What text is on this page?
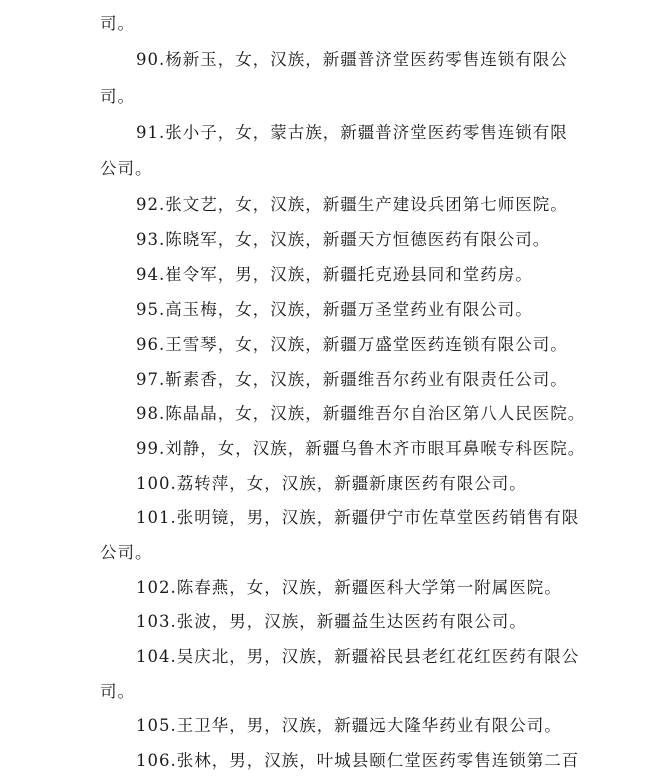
司。
90.杨新玉，女，汉族，新疆普济堂医药零售连锁有限公
司。
91.张小子，女，蒙古族，新疆普济堂医药零售连锁有限
公司。
92.张文艺，女，汉族，新疆生产建设兵团第七师医院。
93.陈晓军，女，汉族，新疆天方恒德医药有限公司。
94.崔令军，男，汉族，新疆托克逊县同和堂药房。
95.高玉梅，女，汉族，新疆万圣堂药业有限公司。
96.王雪琴，女，汉族，新疆万盛堂医药连锁有限公司。
97.靳素香，女，汉族，新疆维吾尔药业有限责任公司。
98.陈晶晶，女，汉族，新疆维吾尔自治区第八人民医院。
99.刘静，女，汉族，新疆乌鲁木齐市眼耳鼻喉专科医院。
100.荔转萍，女，汉族，新疆新康医药有限公司。
101.张明镜，男，汉族，新疆伊宁市佐草堂医药销售有限
公司。
102.陈春燕，女，汉族，新疆医科大学第一附属医院。
103.张波，男，汉族，新疆益生达医药有限公司。
104.吴庆北，男，汉族，新疆裕民县老红花红医药有限公
司。
105.王卫华，男，汉族，新疆远大隆华药业有限公司。
106.张林，男，汉族，叶城县颐仁堂医药零售连锁第二百
